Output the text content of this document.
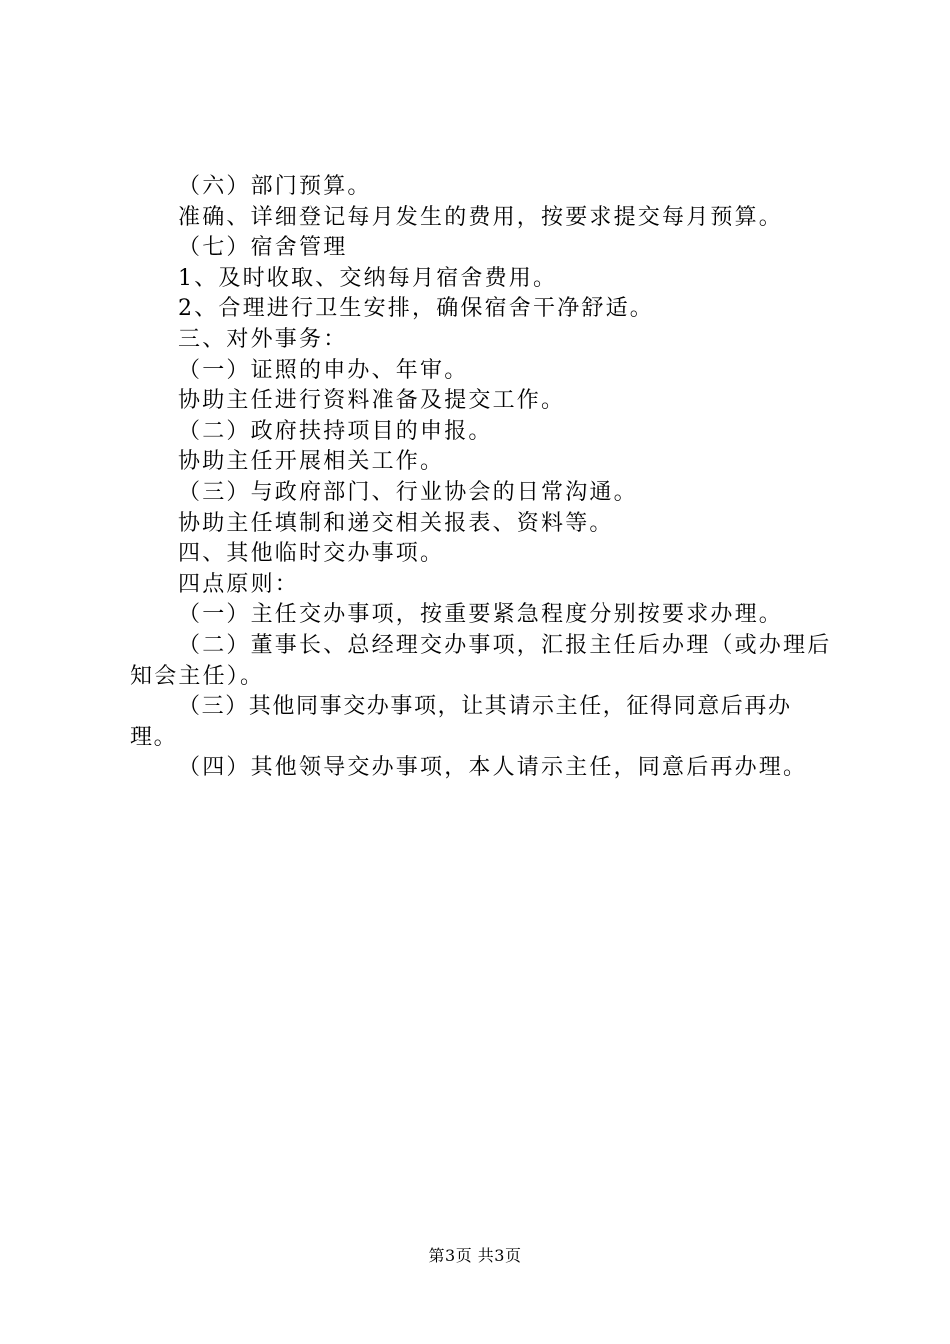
（六）部门预算。
准确、详细登记每月发生的费用，按要求提交每月预算。
（七）宿舍管理
1、及时收取、交纳每月宿舍费用。
2、合理进行卫生安排，确保宿舍干净舒适。
三、对外事务：
（一）证照的申办、年审。
协助主任进行资料准备及提交工作。
（二）政府扶持项目的申报。
协助主任开展相关工作。
（三）与政府部门、行业协会的日常沟通。
协助主任填制和递交相关报表、资料等。
四、其他临时交办事项。
四点原则：
（一）主任交办事项，按重要紧急程度分别按要求办理。
（二）董事长、总经理交办事项，汇报主任后办理（或办理后知会主任）。
（三）其他同事交办事项，让其请示主任，征得同意后再办理。
（四）其他领导交办事项，本人请示主任，同意后再办理。
第3页 共3页
